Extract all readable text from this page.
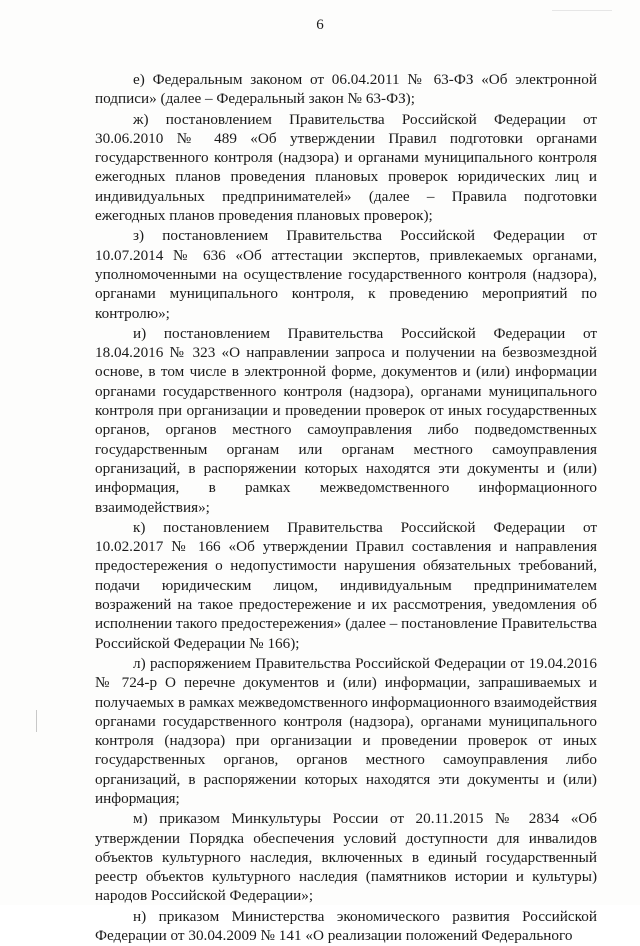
6

е) Федеральным законом от 06.04.2011 № 63-ФЗ «Об электронной подписи» (далее – Федеральный закон № 63-ФЗ);

ж) постановлением Правительства Российской Федерации от 30.06.2010 № 489 «Об утверждении Правил подготовки органами государственного контроля (надзора) и органами муниципального контроля ежегодных планов проведения плановых проверок юридических лиц и индивидуальных предпринимателей» (далее – Правила подготовки ежегодных планов проведения плановых проверок);

з) постановлением Правительства Российской Федерации от 10.07.2014 № 636 «Об аттестации экспертов, привлекаемых органами, уполномоченными на осуществление государственного контроля (надзора), органами муниципального контроля, к проведению мероприятий по контролю»;

и) постановлением Правительства Российской Федерации от 18.04.2016 № 323 «О направлении запроса и получении на безвозмездной основе, в том числе в электронной форме, документов и (или) информации органами государственного контроля (надзора), органами муниципального контроля при организации и проведении проверок от иных государственных органов, органов местного самоуправления либо подведомственных государственным органам или органам местного самоуправления организаций, в распоряжении которых находятся эти документы и (или) информация, в рамках межведомственного информационного взаимодействия»;

к) постановлением Правительства Российской Федерации от 10.02.2017 № 166 «Об утверждении Правил составления и направления предостережения о недопустимости нарушения обязательных требований, подачи юридическим лицом, индивидуальным предпринимателем возражений на такое предостережение и их рассмотрения, уведомления об исполнении такого предостережения» (далее – постановление Правительства Российской Федерации № 166);

л) распоряжением Правительства Российской Федерации от 19.04.2016 № 724-р О перечне документов и (или) информации, запрашиваемых и получаемых в рамках межведомственного информационного взаимодействия органами государственного контроля (надзора), органами муниципального контроля (надзора) при организации и проведении проверок от иных государственных органов, органов местного самоуправления либо организаций, в распоряжении которых находятся эти документы и (или) информация;

м) приказом Минкультуры России от 20.11.2015 № 2834 «Об утверждении Порядка обеспечения условий доступности для инвалидов объектов культурного наследия, включенных в единый государственный реестр объектов культурного наследия (памятников истории и культуры) народов Российской Федерации»;

н) приказом Министерства экономического развития Российской Федерации от 30.04.2009 № 141 «О реализации положений Федерального
